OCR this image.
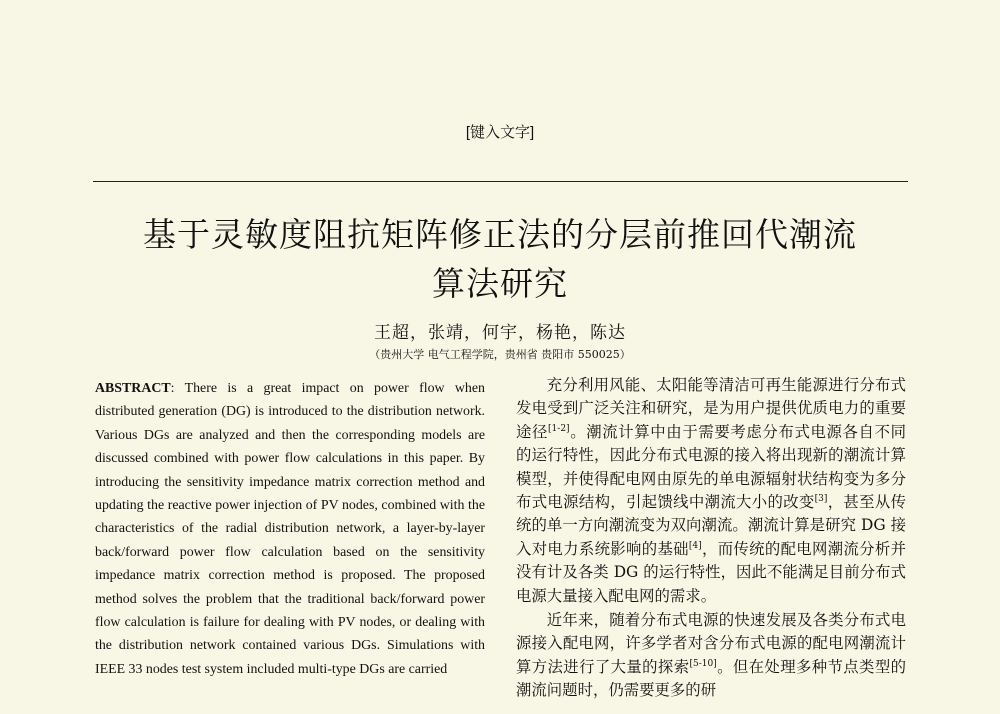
[键入文字]
基于灵敏度阻抗矩阵修正法的分层前推回代潮流
算法研究
王超，张靖，何宇，杨艳，陈达
（贵州大学 电气工程学院，贵州省 贵阳市 550025）
ABSTRACT: There is a great impact on power flow when distributed generation (DG) is introduced to the distribution network. Various DGs are analyzed and then the corresponding models are discussed combined with power flow calculations in this paper. By introducing the sensitivity impedance matrix correction method and updating the reactive power injection of PV nodes, combined with the characteristics of the radial distribution network, a layer-by-layer back/forward power flow calculation based on the sensitivity impedance matrix correction method is proposed. The proposed method solves the problem that the traditional back/forward power flow calculation is failure for dealing with PV nodes, or dealing with the distribution network contained various DGs. Simulations with IEEE 33 nodes test system included multi-type DGs are carried

充分利用风能、太阳能等清洁可再生能源进行分布式发电受到广泛关注和研究，是为用户提供优质电力的重要途径[1-2]。潮流计算中由于需要考虑分布式电源各自不同的运行特性，因此分布式电源的接入将出现新的潮流计算模型，并使得配电网由原先的单电源辐射状结构变为多分布式电源结构，引起馈线中潮流大小的改变[3]，甚至从传统的单一方向潮流变为双向潮流。潮流计算是研究 DG 接入对电力系统影响的基础[4]，而传统的配电网潮流分析并没有计及各类 DG 的运行特性，因此不能满足目前分布式电源大量接入配电网的需求。

近年来，随着分布式电源的快速发展及各类分布式电源接入配电网，许多学者对含分布式电源的配电网潮流计算方法进行了大量的探索[5-10]。但在处理多种节点类型的潮流问题时，仍需要更多的研
